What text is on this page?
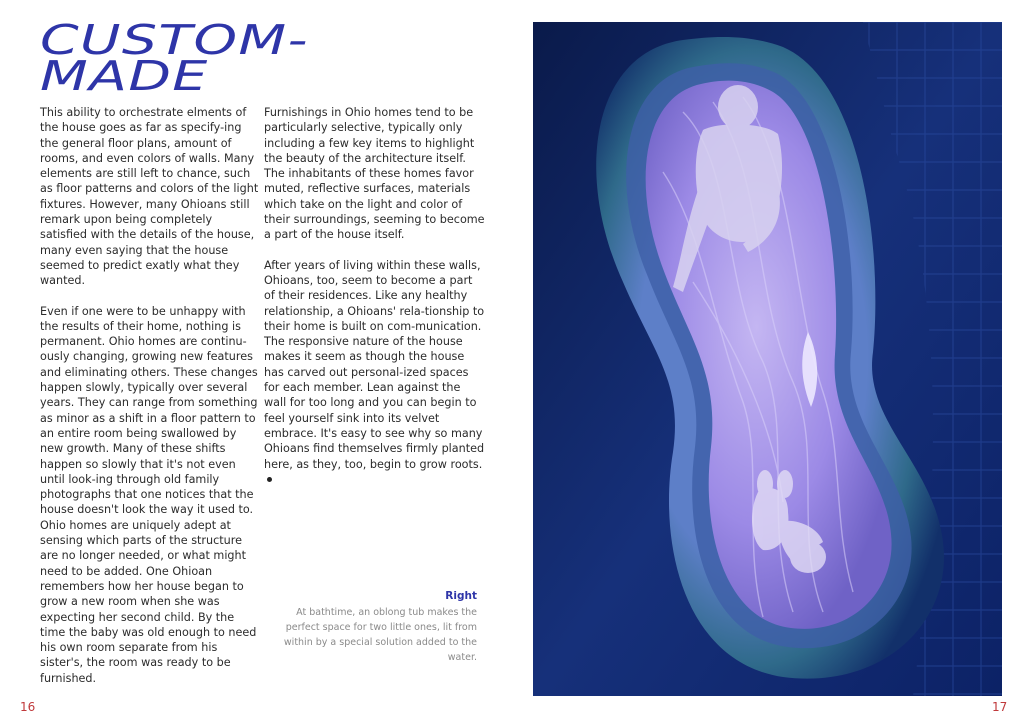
CUSTOM-
MADE

This ability to orchestrate elments of the house goes as far as specify-ing the general floor plans, amount of rooms, and even colors of walls. Many elements are still left to chance, such as floor patterns and colors of the light fixtures. However, many Ohioans still remark upon being completely satisfied with the details of the house, many even saying that the house seemed to predict exatly what they wanted.

Even if one were to be unhappy with the results of their home, nothing is permanent. Ohio homes are continu-ously changing, growing new features and eliminating others. These changes happen slowly, typically over several years. They can range from something as minor as a shift in a floor pattern to an entire room being swallowed by new growth. Many of these shifts happen so slowly that it's not even until look-ing through old family photographs that one notices that the house doesn't look the way it used to. Ohio homes are uniquely adept at sensing which parts of the structure are no longer needed, or what might need to be added. One Ohioan remembers how her house began to grow a new room when she was expecting her second child. By the time the baby was old enough to need his own room separate from his sister's, the room was ready to be furnished.

Furnishings in Ohio homes tend to be particularly selective, typically only including a few key items to highlight the beauty of the architecture itself. The inhabitants of these homes favor muted, reflective surfaces, materials which take on the light and color of their surroundings, seeming to become a part of the house itself.

After years of living within these walls, Ohioans, too, seem to become a part of their residences. Like any healthy relationship, a Ohioans' rela-tionship to their home is built on com-munication. The responsive nature of the house makes it seem as though the house has carved out personal-ized spaces for each member. Lean against the wall for too long and you can begin to feel yourself sink into its velvet embrace. It's easy to see why so many Ohioans find themselves firmly planted here, as they, too, begin to grow roots.

Right
At bathtime, an oblong tub makes the perfect space for two little ones, lit from within by a special solution added to the water.
16	17
